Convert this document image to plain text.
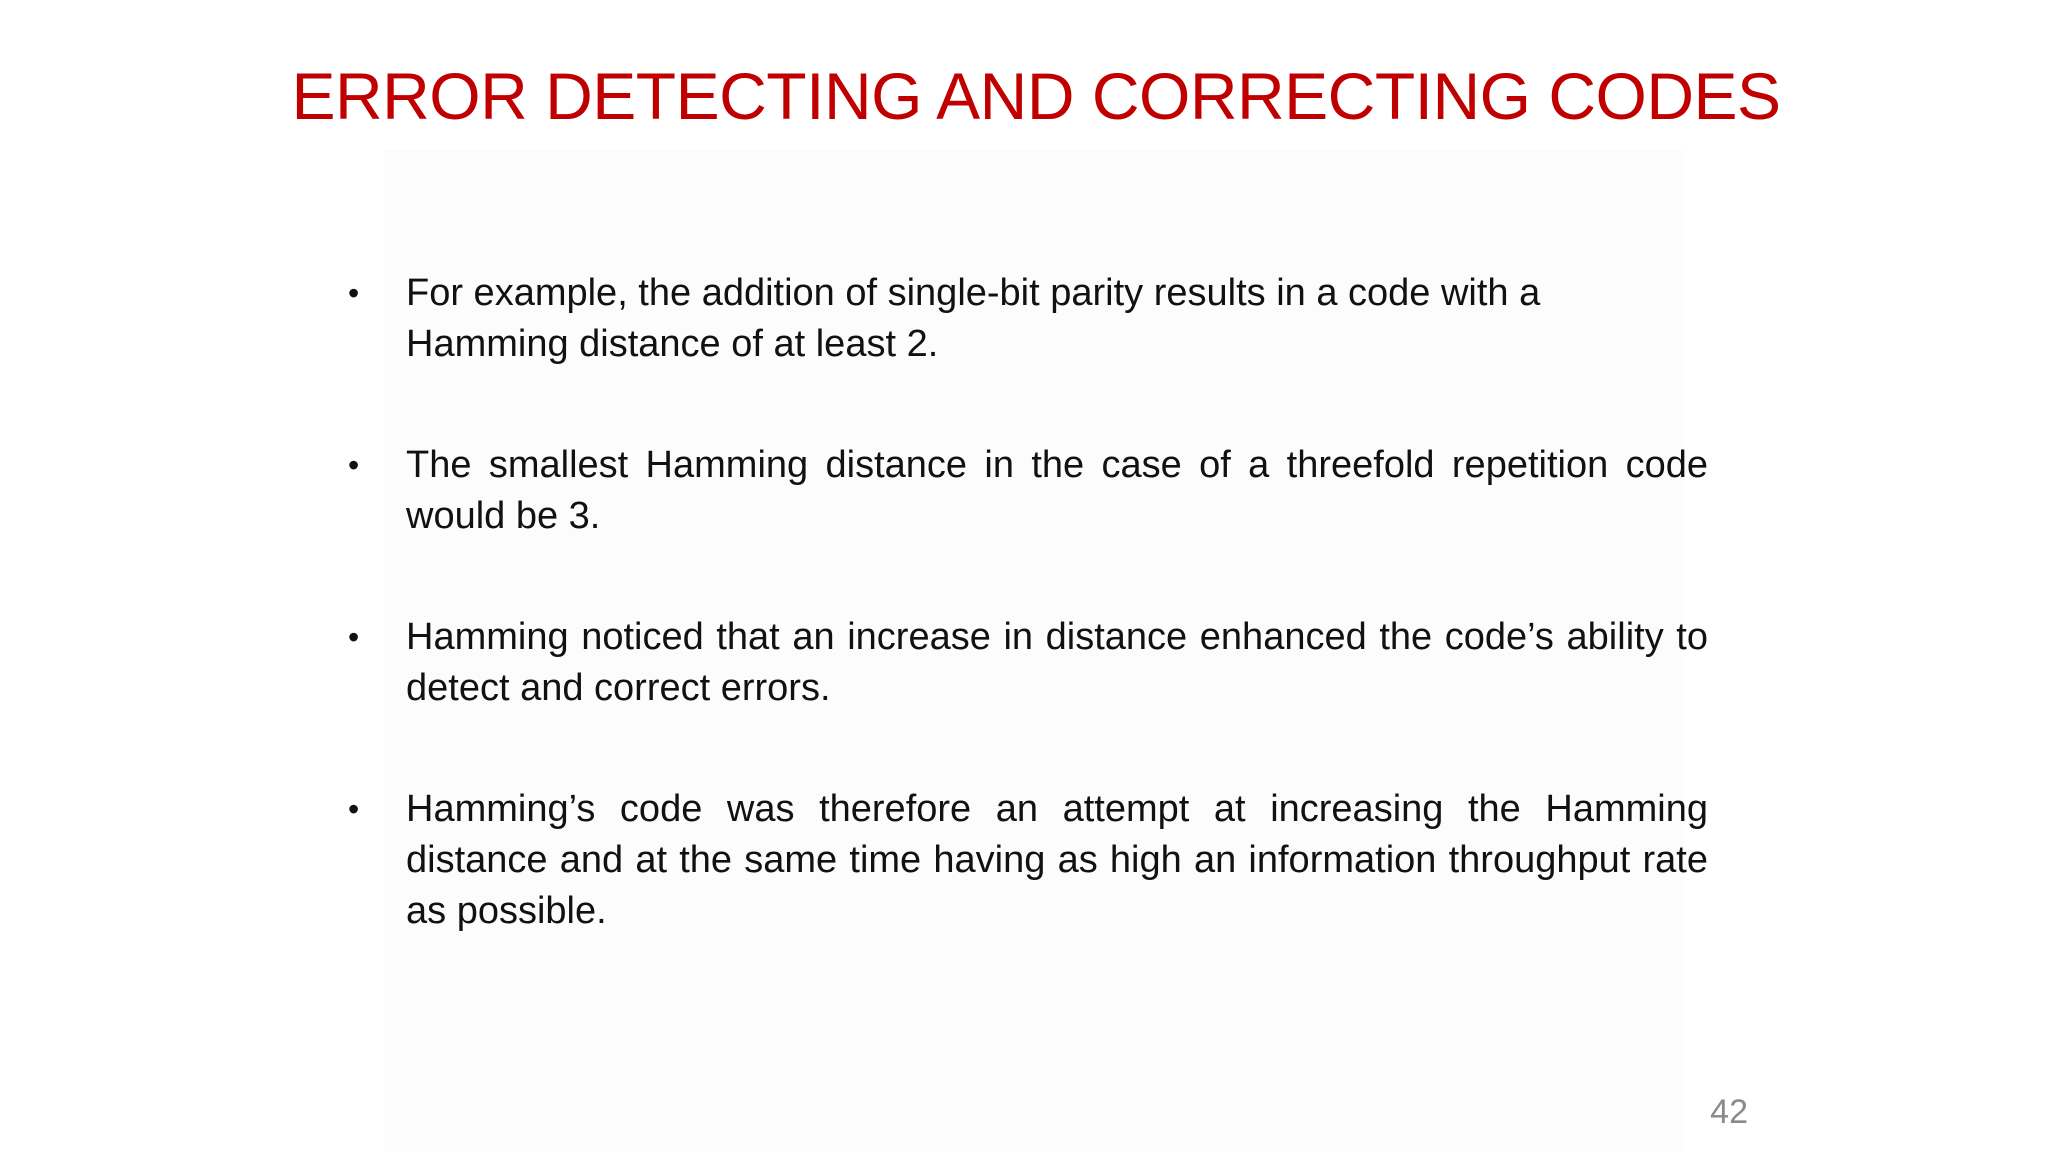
ERROR DETECTING AND CORRECTING CODES
• For example, the addition of single-bit parity results in a code with a Hamming distance of at least 2.
• The smallest Hamming distance in the case of a threefold repetition code would be 3.
• Hamming noticed that an increase in distance enhanced the code’s ability to detect and correct errors.
• Hamming’s code was therefore an attempt at increasing the Hamming distance and at the same time having as high an information throughput rate as possible.
42
